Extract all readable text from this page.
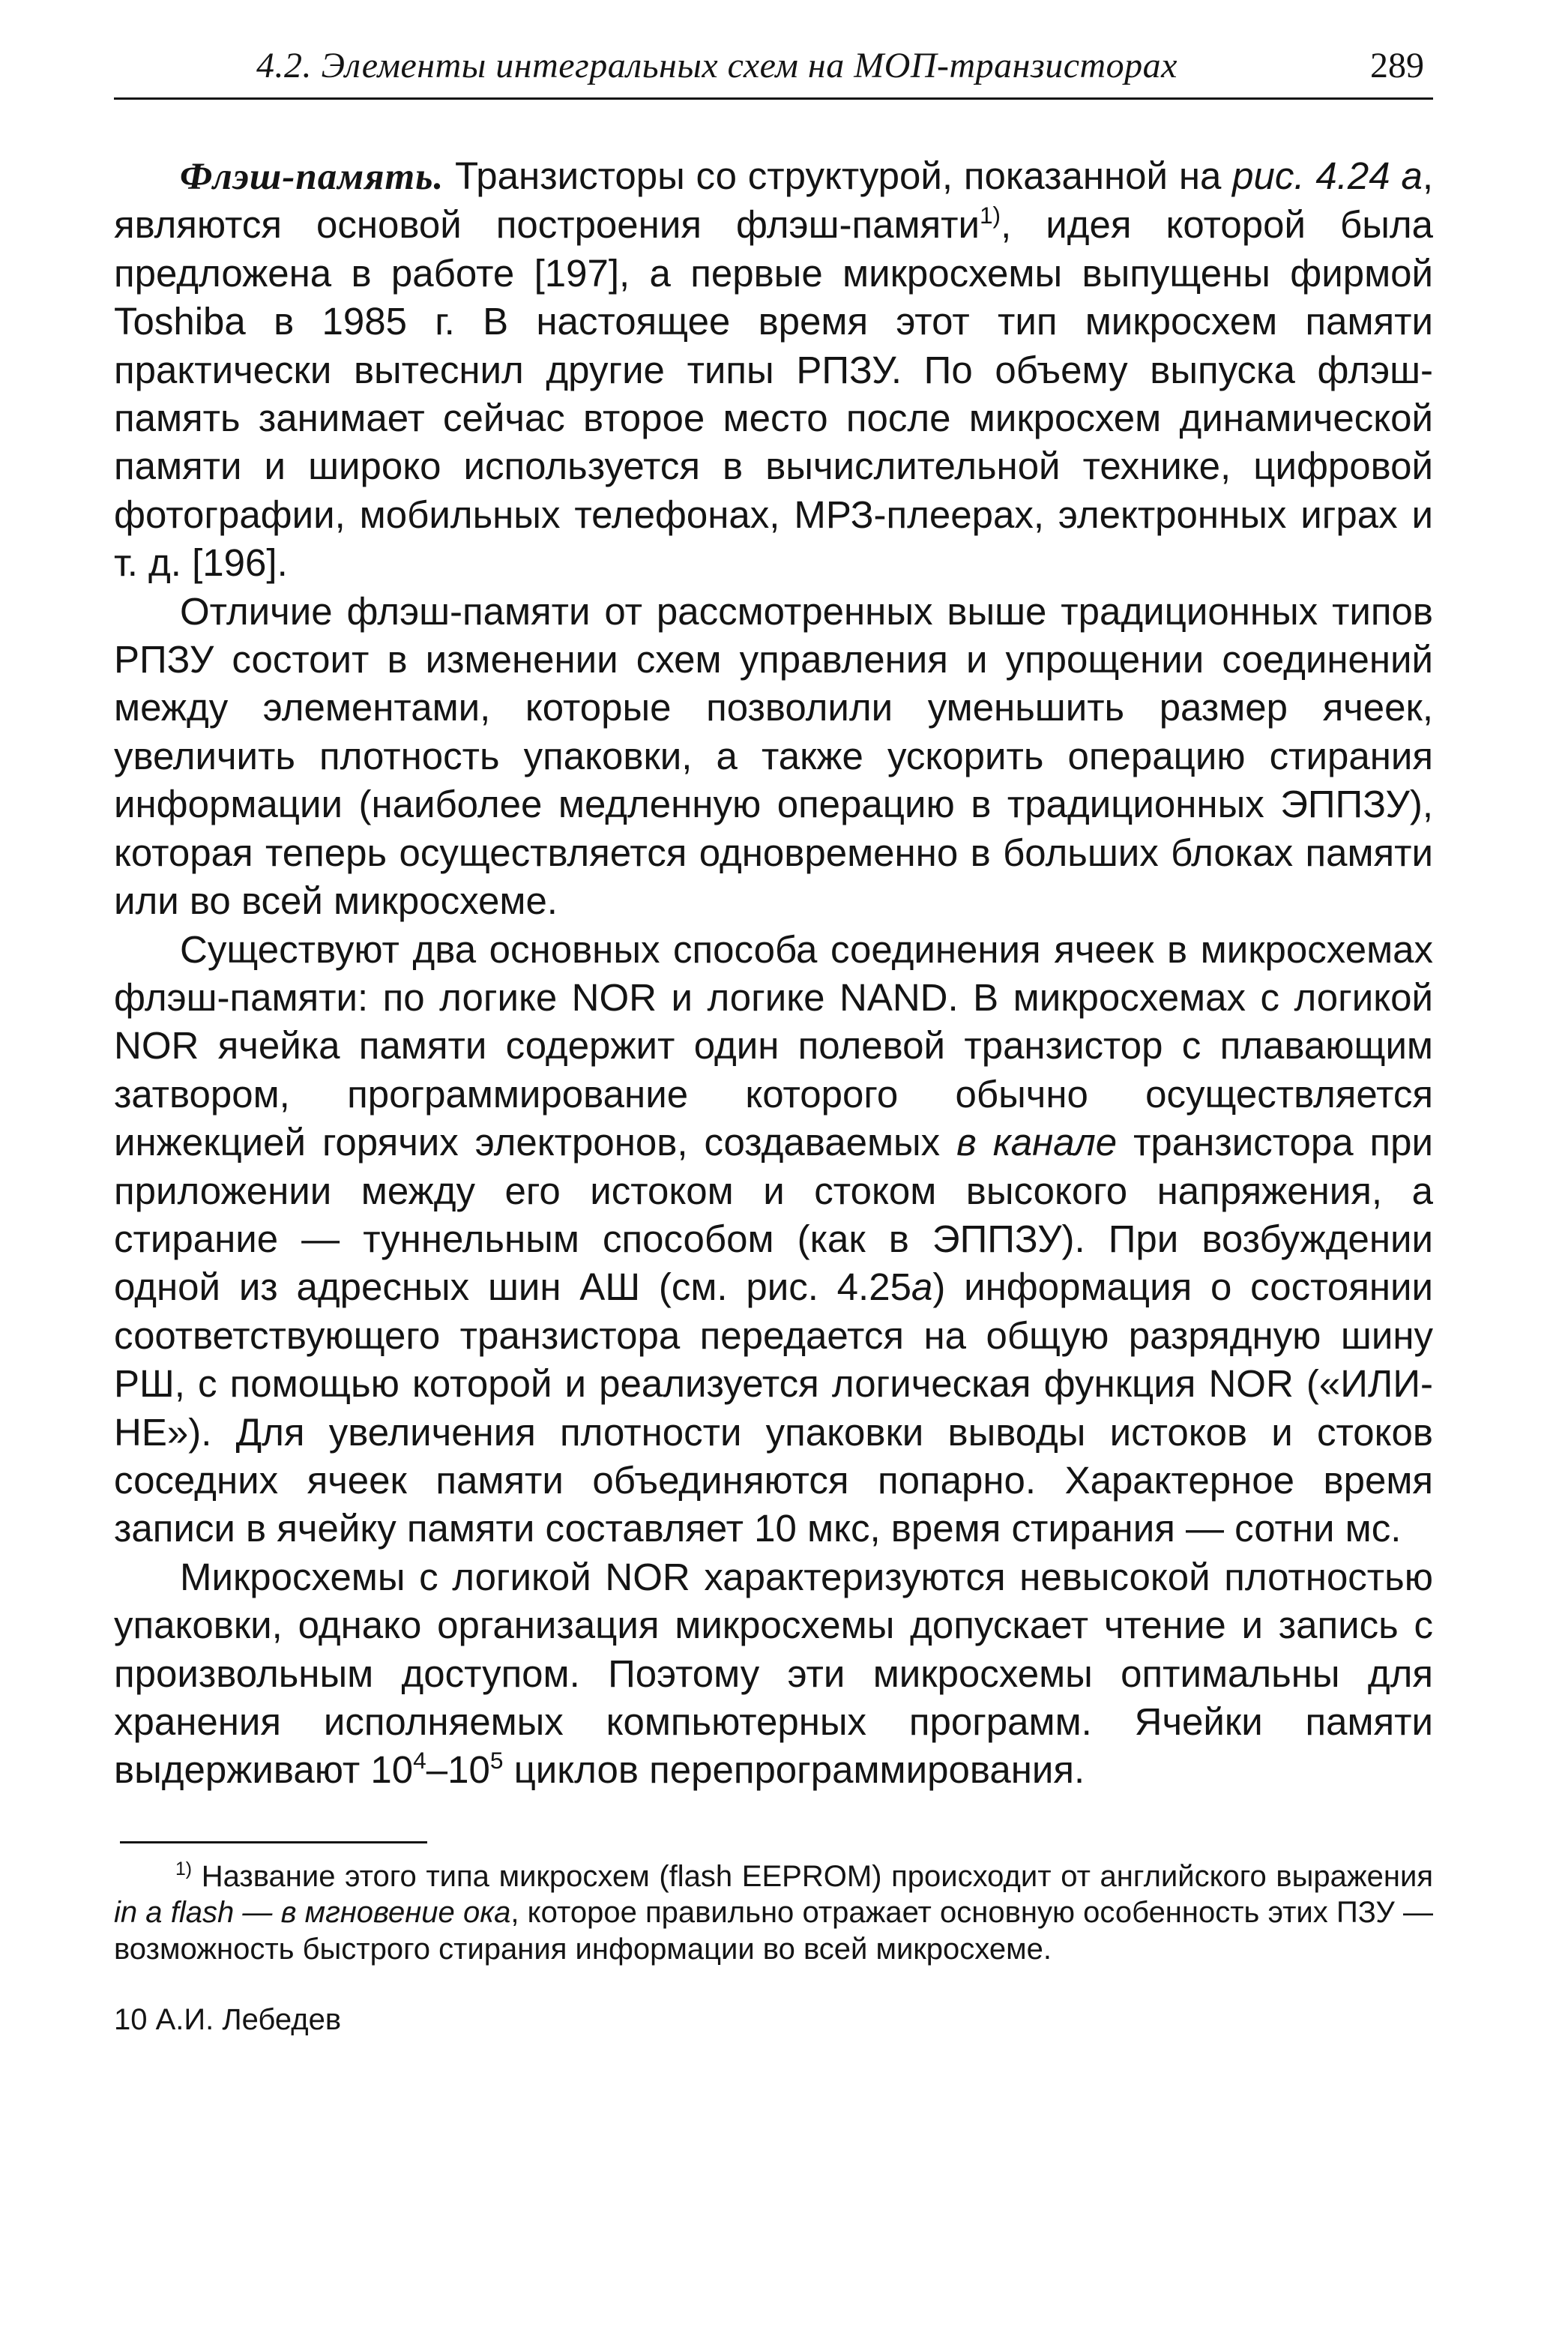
4.2. Элементы интегральных схем на МОП-транзисторах	289

Флэш-память. Транзисторы со структурой, показанной на рис. 4.24 а, являются основой построения флэш-памяти$^{1)}$, идея которой была предложена в работе [197], а первые микросхемы выпущены фирмой Toshiba в 1985 г. В настоящее время этот тип микросхем памяти практически вытеснил другие типы РПЗУ. По объему выпуска флэш-память занимает сейчас второе место после микросхем динамической памяти и широко используется в вычислительной технике, цифровой фотографии, мобильных телефонах, МРЗ-плеерах, электронных играх и т. д. [196].

Отличие флэш-памяти от рассмотренных выше традиционных типов РПЗУ состоит в изменении схем управления и упрощении соединений между элементами, которые позволили уменьшить размер ячеек, увеличить плотность упаковки, а также ускорить операцию стирания информации (наиболее медленную операцию в традиционных ЭППЗУ), которая теперь осуществляется одновременно в больших блоках памяти или во всей микросхеме.

Существуют два основных способа соединения ячеек в микросхемах флэш-памяти: по логике NOR и логике NAND. В микросхемах с логикой NOR ячейка памяти содержит один полевой транзистор с плавающим затвором, программирование которого обычно осуществляется инжекцией горячих электронов, создаваемых в канале транзистора при приложении между его истоком и стоком высокого напряжения, а стирание — туннельным способом (как в ЭППЗУ). При возбуждении одной из адресных шин АШ (см. рис. 4.25а) информация о состоянии соответствующего транзистора передается на общую разрядную шину РШ, с помощью которой и реализуется логическая функция NOR («ИЛИ-НЕ»). Для увеличения плотности упаковки выводы истоков и стоков соседних ячеек памяти объединяются попарно. Характерное время записи в ячейку памяти составляет 10 мкс, время стирания — сотни мс.

Микросхемы с логикой NOR характеризуются невысокой плотностью упаковки, однако организация микросхемы допускает чтение и запись с произвольным доступом. Поэтому эти микросхемы оптимальны для хранения исполняемых компьютерных программ. Ячейки памяти выдерживают $10^4-10^5$ циклов перепрограммирования.

$^{1)}$ Название этого типа микросхем (flash EEPROM) происходит от английского выражения in a flash — в мгновение ока, которое правильно отражает основную особенность этих ПЗУ — возможность быстрого стирания информации во всей микросхеме.

10 А.И. Лебедев
